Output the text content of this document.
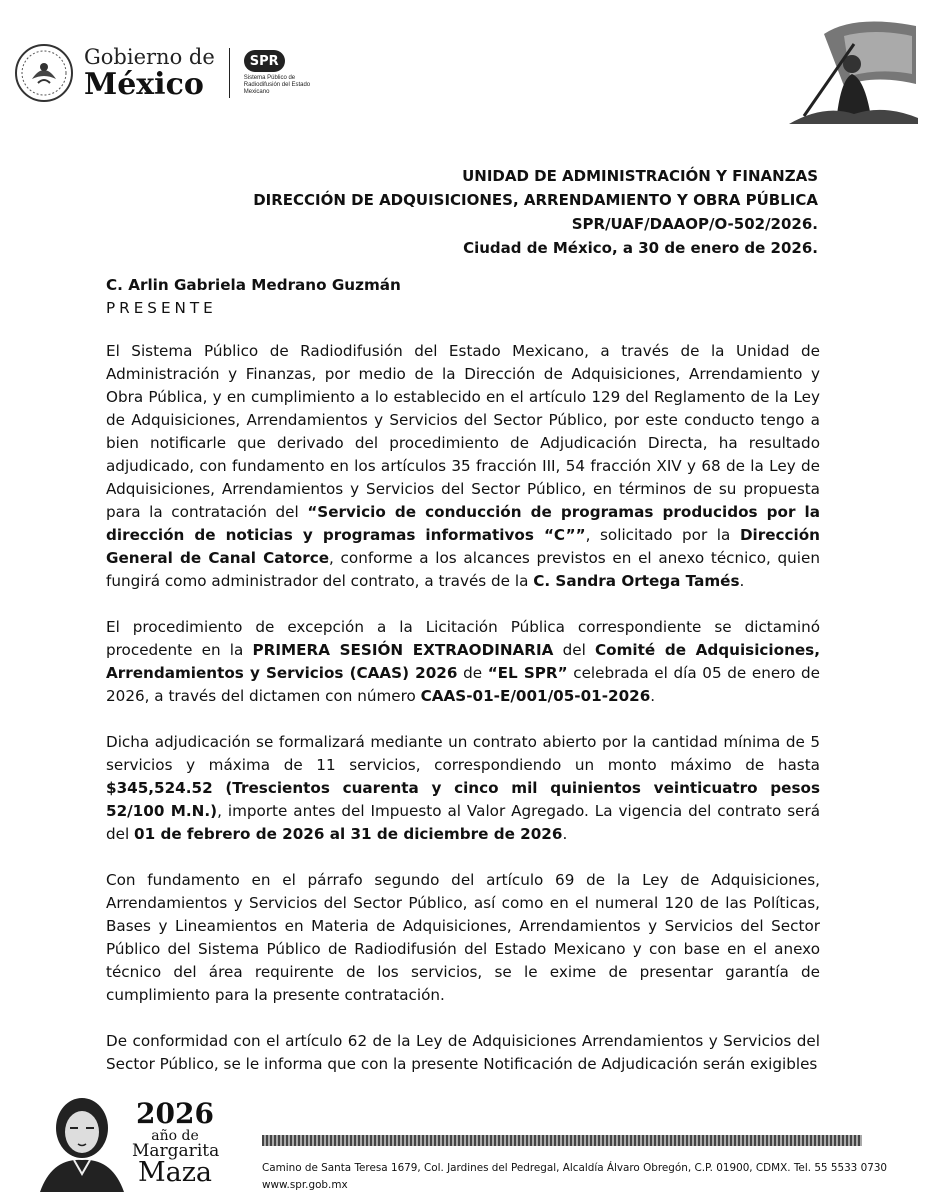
Gobierno de
México
SPR
Sistema Público de Radiodifusión del Estado Mexicano
UNIDAD DE ADMINISTRACIÓN Y FINANZAS
DIRECCIÓN DE ADQUISICIONES, ARRENDAMIENTO Y OBRA PÚBLICA
SPR/UAF/DAAOP/O-502/2026.
Ciudad de México, a 30 de enero de 2026.
C. Arlin Gabriela Medrano Guzmán
PRESENTE

El Sistema Público de Radiodifusión del Estado Mexicano, a través de la Unidad de Administración y Finanzas, por medio de la Dirección de Adquisiciones, Arrendamiento y Obra Pública, y en cumplimiento a lo establecido en el artículo 129 del Reglamento de la Ley de Adquisiciones, Arrendamientos y Servicios del Sector Público, por este conducto tengo a bien notificarle que derivado del procedimiento de Adjudicación Directa, ha resultado adjudicado, con fundamento en los artículos 35 fracción III, 54 fracción XIV y 68 de la Ley de Adquisiciones, Arrendamientos y Servicios del Sector Público, en términos de su propuesta para la contratación del “Servicio de conducción de programas producidos por la dirección de noticias y programas informativos “C””, solicitado por la Dirección General de Canal Catorce, conforme a los alcances previstos en el anexo técnico, quien fungirá como administrador del contrato, a través de la C. Sandra Ortega Tamés.

El procedimiento de excepción a la Licitación Pública correspondiente se dictaminó procedente en la PRIMERA SESIÓN EXTRAODINARIA del Comité de Adquisiciones, Arrendamientos y Servicios (CAAS) 2026 de “EL SPR” celebrada el día 05 de enero de 2026, a través del dictamen con número CAAS-01-E/001/05-01-2026.

Dicha adjudicación se formalizará mediante un contrato abierto por la cantidad mínima de 5 servicios y máxima de 11 servicios, correspondiendo un monto máximo de hasta $345,524.52 (Trescientos cuarenta y cinco mil quinientos veinticuatro pesos 52/100 M.N.), importe antes del Impuesto al Valor Agregado. La vigencia del contrato será del 01 de febrero de 2026 al 31 de diciembre de 2026.

Con fundamento en el párrafo segundo del artículo 69 de la Ley de Adquisiciones, Arrendamientos y Servicios del Sector Público, así como en el numeral 120 de las Políticas, Bases y Lineamientos en Materia de Adquisiciones, Arrendamientos y Servicios del Sector Público del Sistema Público de Radiodifusión del Estado Mexicano y con base en el anexo técnico del área requirente de los servicios, se le exime de presentar garantía de cumplimiento para la presente contratación.

De conformidad con el artículo 62 de la Ley de Adquisiciones Arrendamientos y Servicios del Sector Público, se le informa que con la presente Notificación de Adjudicación serán exigibles

2026
año de
Margarita
Maza	Camino de Santa Teresa 1679, Col. Jardines del Pedregal, Alcaldía Álvaro Obregón, C.P. 01900, CDMX. Tel. 55 5533 0730
www.spr.gob.mx
